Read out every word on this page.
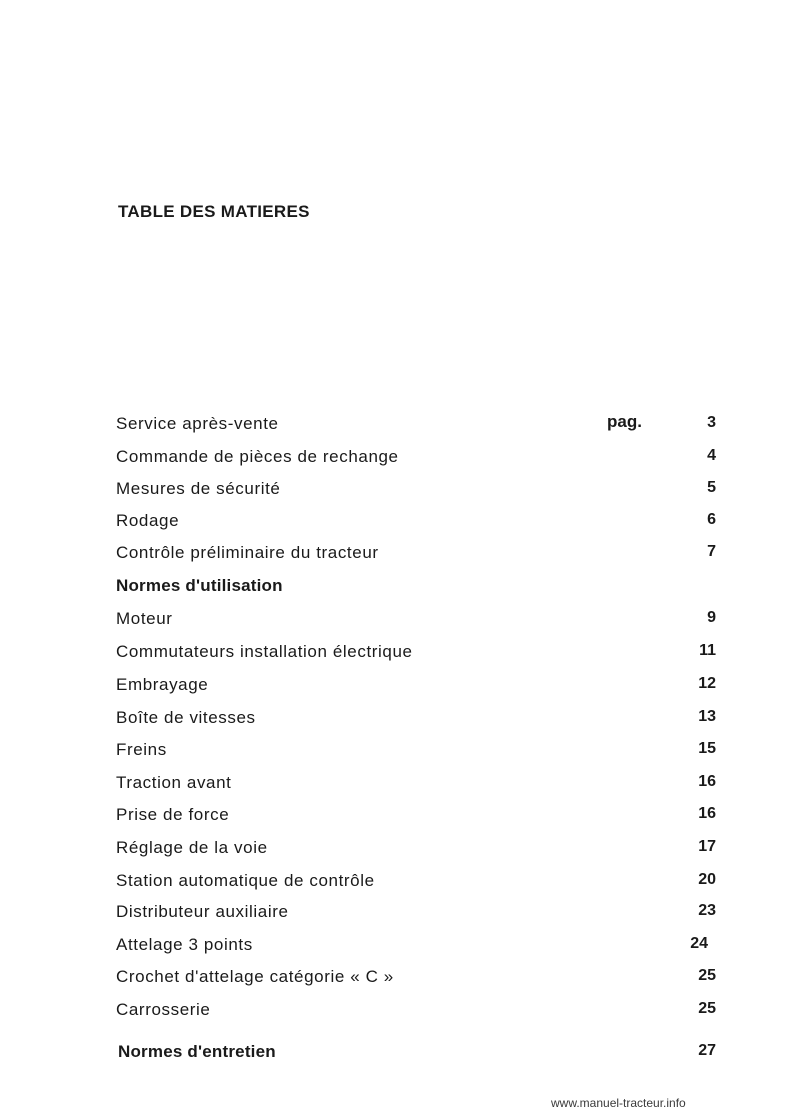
TABLE DES MATIERES
pag.
Service après-vente	3
Commande de pièces de rechange	4
Mesures de sécurité	5
Rodage	6
Contrôle préliminaire du tracteur	7
Normes d'utilisation
Moteur	9
Commutateurs installation électrique	11
Embrayage	12
Boîte de vitesses	13
Freins	15
Traction avant	16
Prise de force	16
Réglage de la voie	17
Station automatique de contrôle	20
Distributeur auxiliaire	23
Attelage 3 points	24
Crochet d'attelage catégorie « C »	25
Carrosserie	25
Normes d'entretien	27
www.manuel-tracteur.info
